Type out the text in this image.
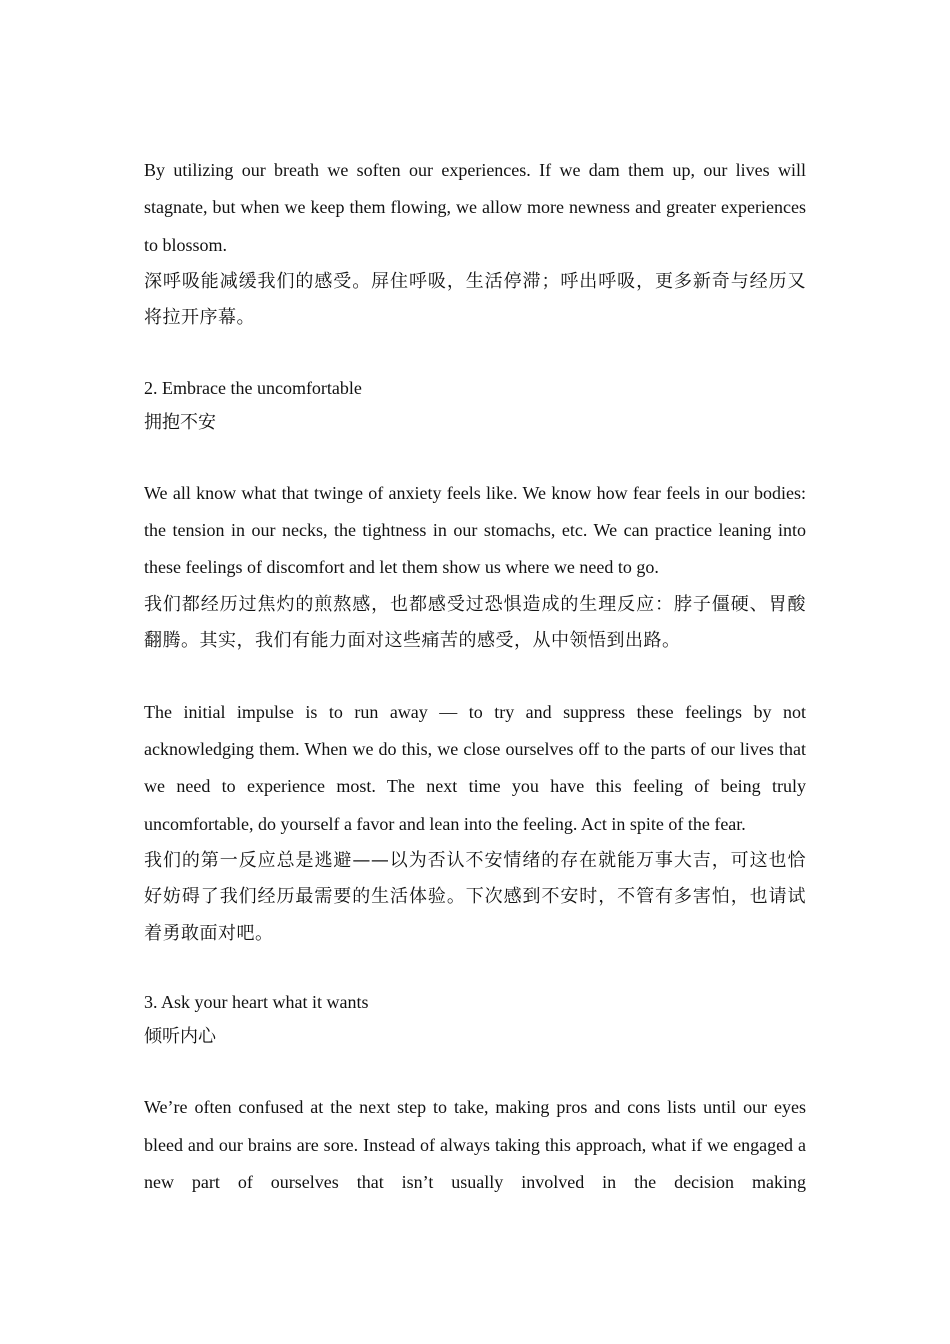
By utilizing our breath we soften our experiences. If we dam them up, our lives will stagnate, but when we keep them flowing, we allow more newness and greater experiences to blossom.

深呼吸能减缓我们的感受。屏住呼吸，生活停滞；呼出呼吸，更多新奇与经历又将拉开序幕。

2. Embrace the uncomfortable

拥抱不安

We all know what that twinge of anxiety feels like. We know how fear feels in our bodies: the tension in our necks, the tightness in our stomachs, etc. We can practice leaning into these feelings of discomfort and let them show us where we need to go.

我们都经历过焦灼的煎熬感，也都感受过恐惧造成的生理反应：脖子僵硬、胃酸翻腾。其实，我们有能力面对这些痛苦的感受，从中领悟到出路。

The initial impulse is to run away — to try and suppress these feelings by not acknowledging them. When we do this, we close ourselves off to the parts of our lives that we need to experience most. The next time you have this feeling of being truly uncomfortable, do yourself a favor and lean into the feeling. Act in spite of the fear.

我们的第一反应总是逃避——以为否认不安情绪的存在就能万事大吉，可这也恰好妨碍了我们经历最需要的生活体验。下次感到不安时，不管有多害怕，也请试着勇敢面对吧。

3. Ask your heart what it wants

倾听内心

We’re often confused at the next step to take, making pros and cons lists until our eyes bleed and our brains are sore. Instead of always taking this approach, what if we engaged a new part of ourselves that isn’t usually involved in the decision making
